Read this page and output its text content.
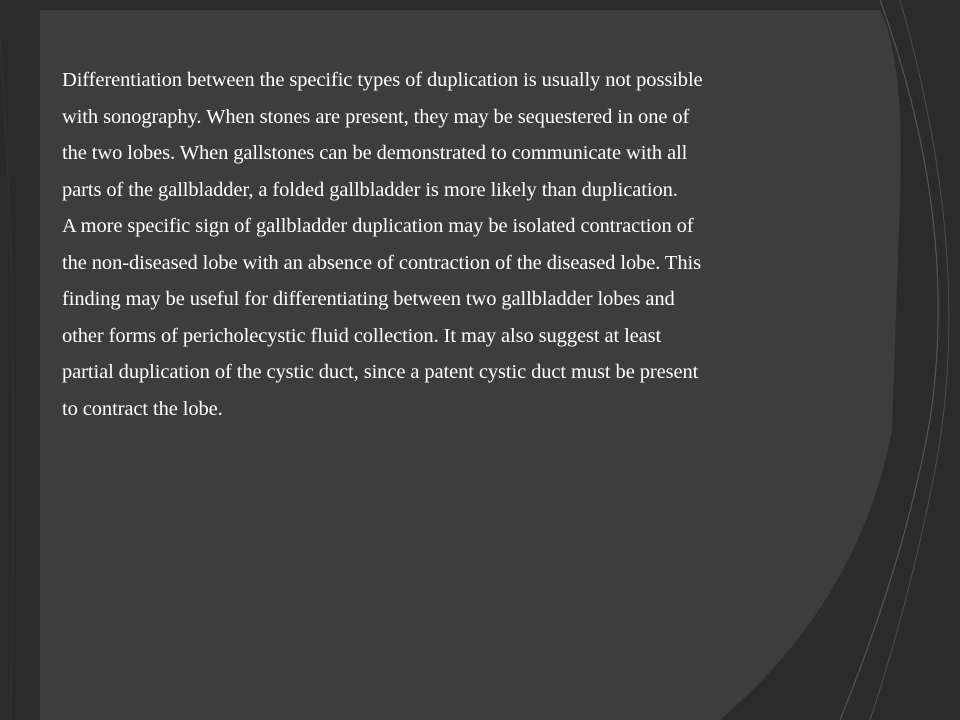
Differentiation between the specific types of duplication is usually not possible
with sonography. When stones are present, they may be sequestered in one of
the two lobes. When gallstones can be demonstrated to communicate with all
parts of the gallbladder, a folded gallbladder is more likely than duplication.
A more specific sign of gallbladder duplication may be isolated contraction of
the non-diseased lobe with an absence of contraction of the diseased lobe. This
finding may be useful for differentiating between two gallbladder lobes and
other forms of pericholecystic fluid collection. It may also suggest at least
partial duplication of the cystic duct, since a patent cystic duct must be present
to contract the lobe.
